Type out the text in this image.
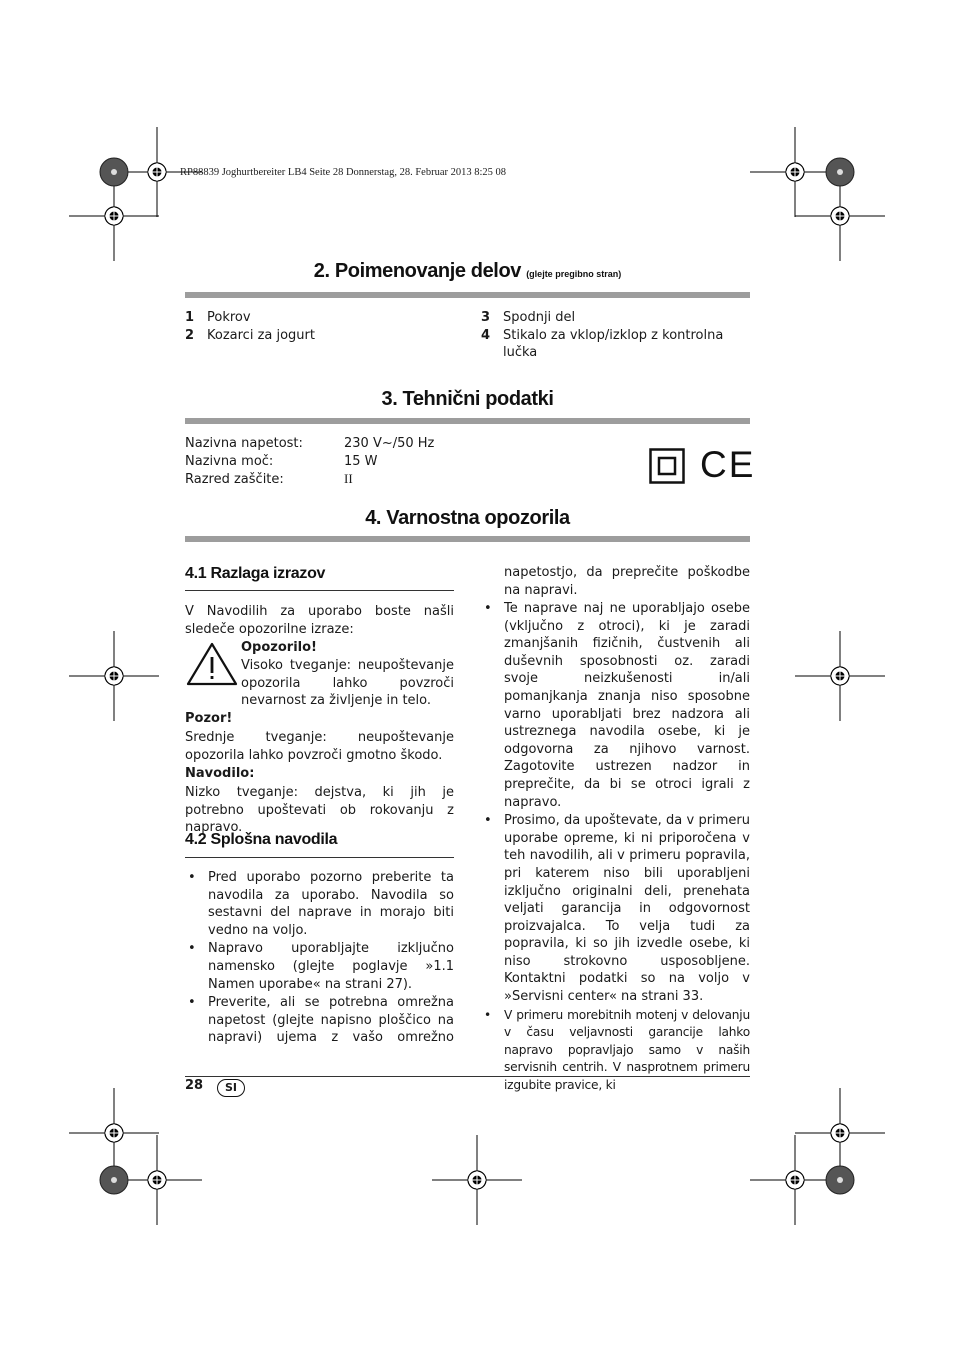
RP88839 Joghurtbereiter LB4 Seite 28 Donnerstag, 28. Februar 2013 8:25 08
2. Poimenovanje delov (glejte pregibno stran)
1 Pokrov
2 Kozarci za jogurt
3 Spodnji del
4 Stikalo za vklop/izklop z kontrolna
lučka
3. Tehnični podatki
Nazivna napetost:	230 V~/50 Hz
Nazivna moč:	15 W
Razred zaščite:	II	CE
4. Varnostna opozorila
4.1 Razlaga izrazov
V Navodilih za uporabo boste našli sledeče opozorilne izraze:
Opozorilo!
Visoko tveganje: neupoštevanje opozorila lahko povzroči nevarnost za življenje in telo.
Pozor!
Srednje tveganje: neupoštevanje opozorila lahko povzroči gmotno škodo.
Navodilo:
Nizko tveganje: dejstva, ki jih je potrebno upoštevati ob rokovanju z napravo.
4.2 Splošna navodila
• Pred uporabo pozorno preberite ta navodila za uporabo. Navodila so sestavni del naprave in morajo biti vedno na voljo.
• Napravo uporabljajte izključno namensko (glejte poglavje »1.1 Namen uporabe« na strani 27).
• Preverite, ali se potrebna omrežna napetost (glejte napisno ploščico na napravi) ujema z vašo omrežno
napetostjo, da preprečite poškodbe na napravi.
• Te naprave naj ne uporabljajo osebe (vključno z otroci), ki je zaradi zmanjšanih fizičnih, čustvenih ali duševnih sposobnosti oz. zaradi svoje neizkušenosti in/ali pomanjkanja znanja niso sposobne varno uporabljati brez nadzora ali ustreznega navodila osebe, ki je odgovorna za njihovo varnost. Zagotovite ustrezen nadzor in preprečite, da bi se otroci igrali z napravo.
• Prosimo, da upoštevate, da v primeru uporabe opreme, ki ni priporočena v teh navodilih, ali v primeru popravila, pri katerem niso bili uporabljeni izključno originalni deli, prenehata veljati garancija in odgovornost proizvajalca. To velja tudi za popravila, ki so jih izvedle osebe, ki niso strokovno usposobljene. Kontaktni podatki so na voljo v »Servisni center« na strani 33.
• V primeru morebitnih motenj v delovanju v času veljavnosti garancije lahko napravo popravljajo samo v naših servisnih centrih. V nasprotnem primeru izgubite pravice, ki
28	SI
